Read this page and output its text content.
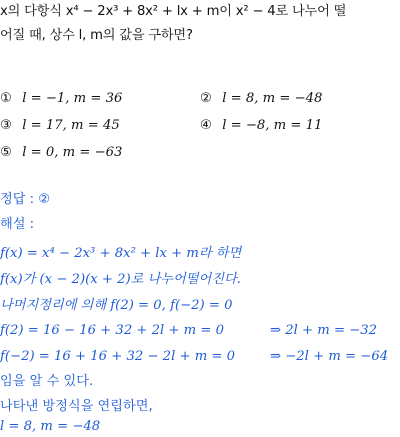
x의 다항식 x⁴ − 2x³ + 8x² + lx + m이 x² − 4로 나누어 떨
어질 때, 상수 l, m의 값을 구하면?
① l = −1, m = 36	② l = 8, m = −48
③ l = 17, m = 45	④ l = −8, m = 11
⑤ l = 0, m = −63
정답 : ②
해설 :
f(x) = x⁴ − 2x³ + 8x² + lx + m라 하면
f(x)가 (x − 2)(x + 2)로 나누어떨어진다.
나머지정리에 의해 f(2) = 0, f(−2) = 0
f(2) = 16 − 16 + 32 + 2l + m = 0	⇒ 2l + m = −32
f(−2) = 16 + 16 + 32 − 2l + m = 0	⇒ −2l + m = −64
임을 알 수 있다.
나타낸 방정식을 연립하면,
l = 8, m = −48
